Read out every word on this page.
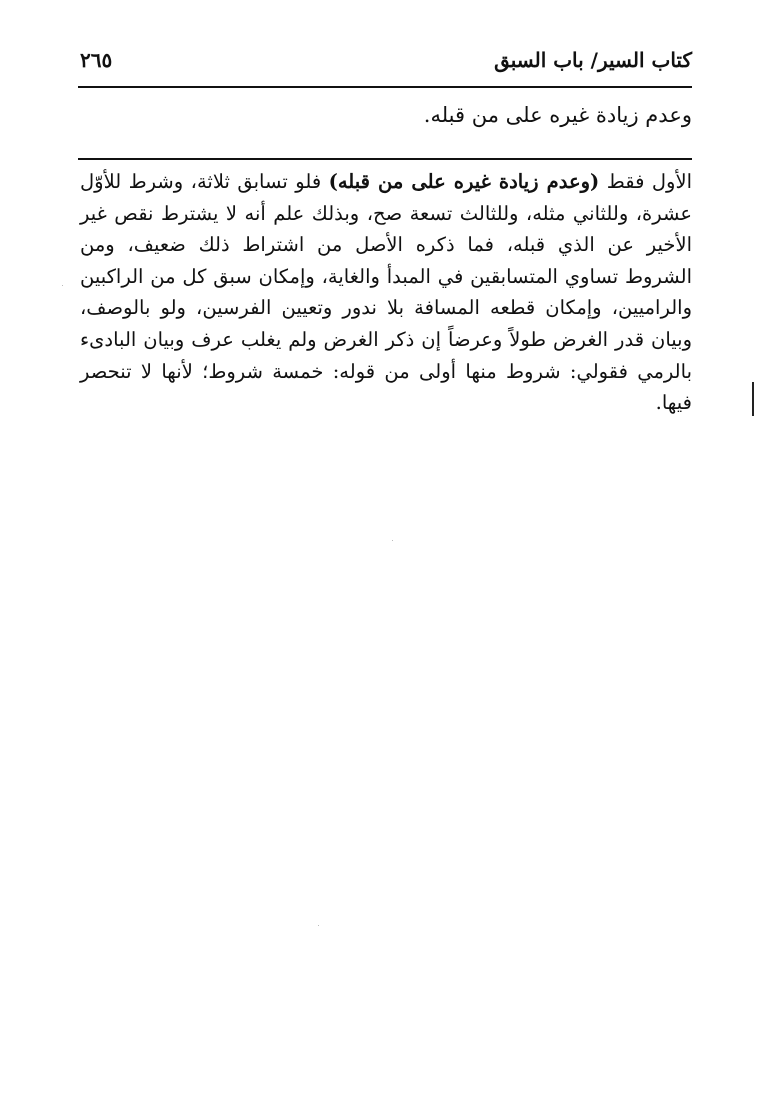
كتاب السير/ باب السبق
٢٦٥
وعدم زيادة غيره على من قبله.
الأول فقط (وعدم زيادة غيره على من قبله) فلو تسابق ثلاثة، وشرط للأوّل عشرة، وللثاني مثله، وللثالث تسعة صح، وبذلك علم أنه لا يشترط نقص غير الأخير عن الذي قبله، فما ذكره الأصل من اشتراط ذلك ضعيف، ومن الشروط تساوي المتسابقين في المبدأ والغاية، وإمكان سبق كل من الراكبين والراميين، وإمكان قطعه المسافة بلا ندور وتعيين الفرسين، ولو بالوصف، وبيان قدر الغرض طولاً وعرضاً إن ذكر الغرض ولم يغلب عرف وبيان البادىء بالرمي فقولي: شروط منها أولى من قوله: خمسة شروط؛ لأنها لا تنحصر فيها.
